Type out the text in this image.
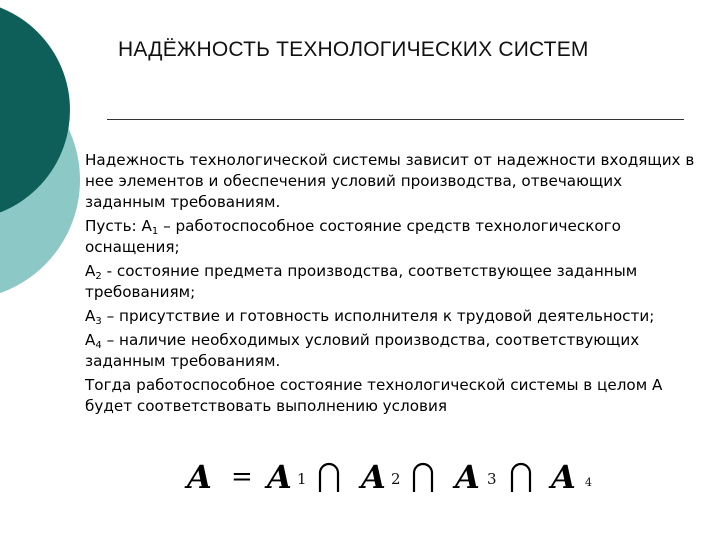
НАДЁЖНОСТЬ ТЕХНОЛОГИЧЕСКИХ СИСТЕМ

Надежность технологической системы зависит от надежности входящих в нее элементов и обеспечения условий производства, отвечающих заданным требованиям.

Пусть: $А_1$ – работоспособное состояние средств технологического оснащения;

$А_2$ - состояние предмета производства, соответствующее заданным требованиям;

$А_3$ – присутствие и готовность исполнителя к трудовой деятельности;

$А_4$ – наличие необходимых условий производства, соответствующих заданным требованиям.

Тогда работоспособное состояние технологической системы в целом А будет соответствовать выполнению условия

A = A 1 A 2 A 3 A 4
